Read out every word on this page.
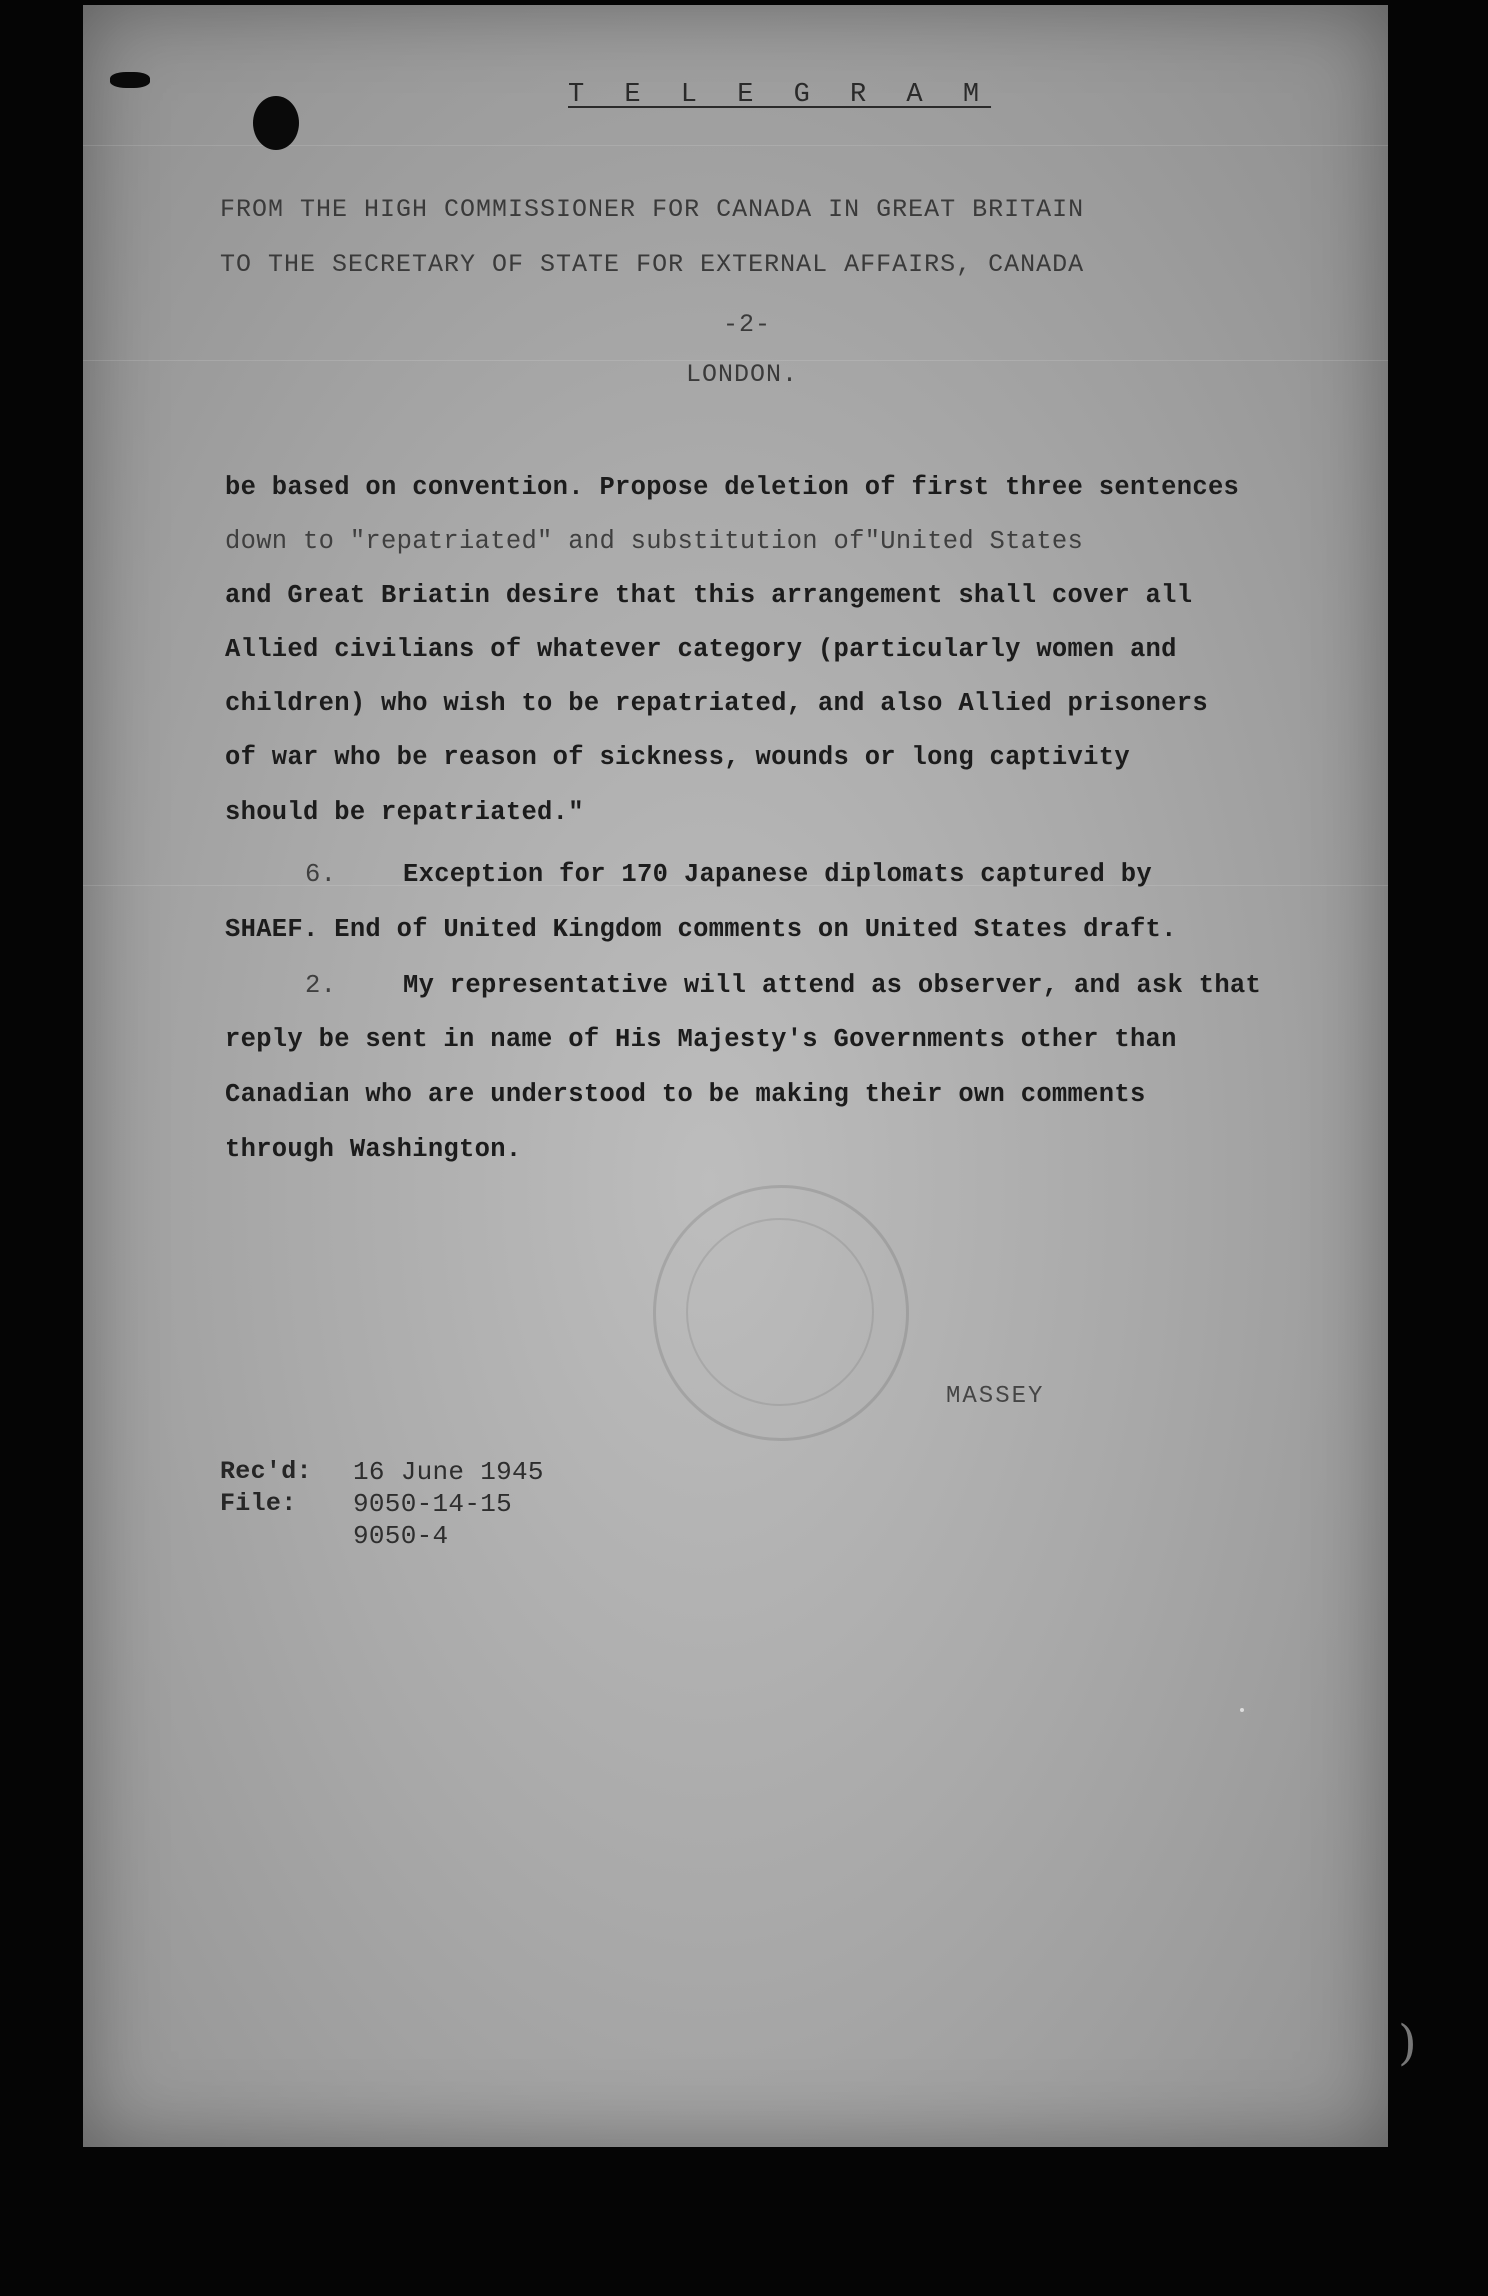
T E L E G R A M
FROM THE HIGH COMMISSIONER FOR CANADA IN GREAT BRITAIN
TO THE SECRETARY OF STATE FOR EXTERNAL AFFAIRS, CANADA
-2-
LONDON.
be based on convention. Propose deletion of first three sentences
down to "repatriated" and substitution of"United States
and Great Briatin desire that this arrangement shall cover all
Allied civilians of whatever category (particularly women and
children) who wish to be repatriated, and also Allied prisoners
of war who be reason of sickness, wounds or long captivity
should be repatriated."
6.	Exception for 170 Japanese diplomats captured by
SHAEF. End of United Kingdom comments on United States draft.
2.	My representative will attend as observer, and ask that
reply be sent in name of His Majesty's Governments other than
Canadian who are understood to be making their own comments
through Washington.
MASSEY
Rec'd: 16 June 1945
File: 9050-14-15
9050-4
)
